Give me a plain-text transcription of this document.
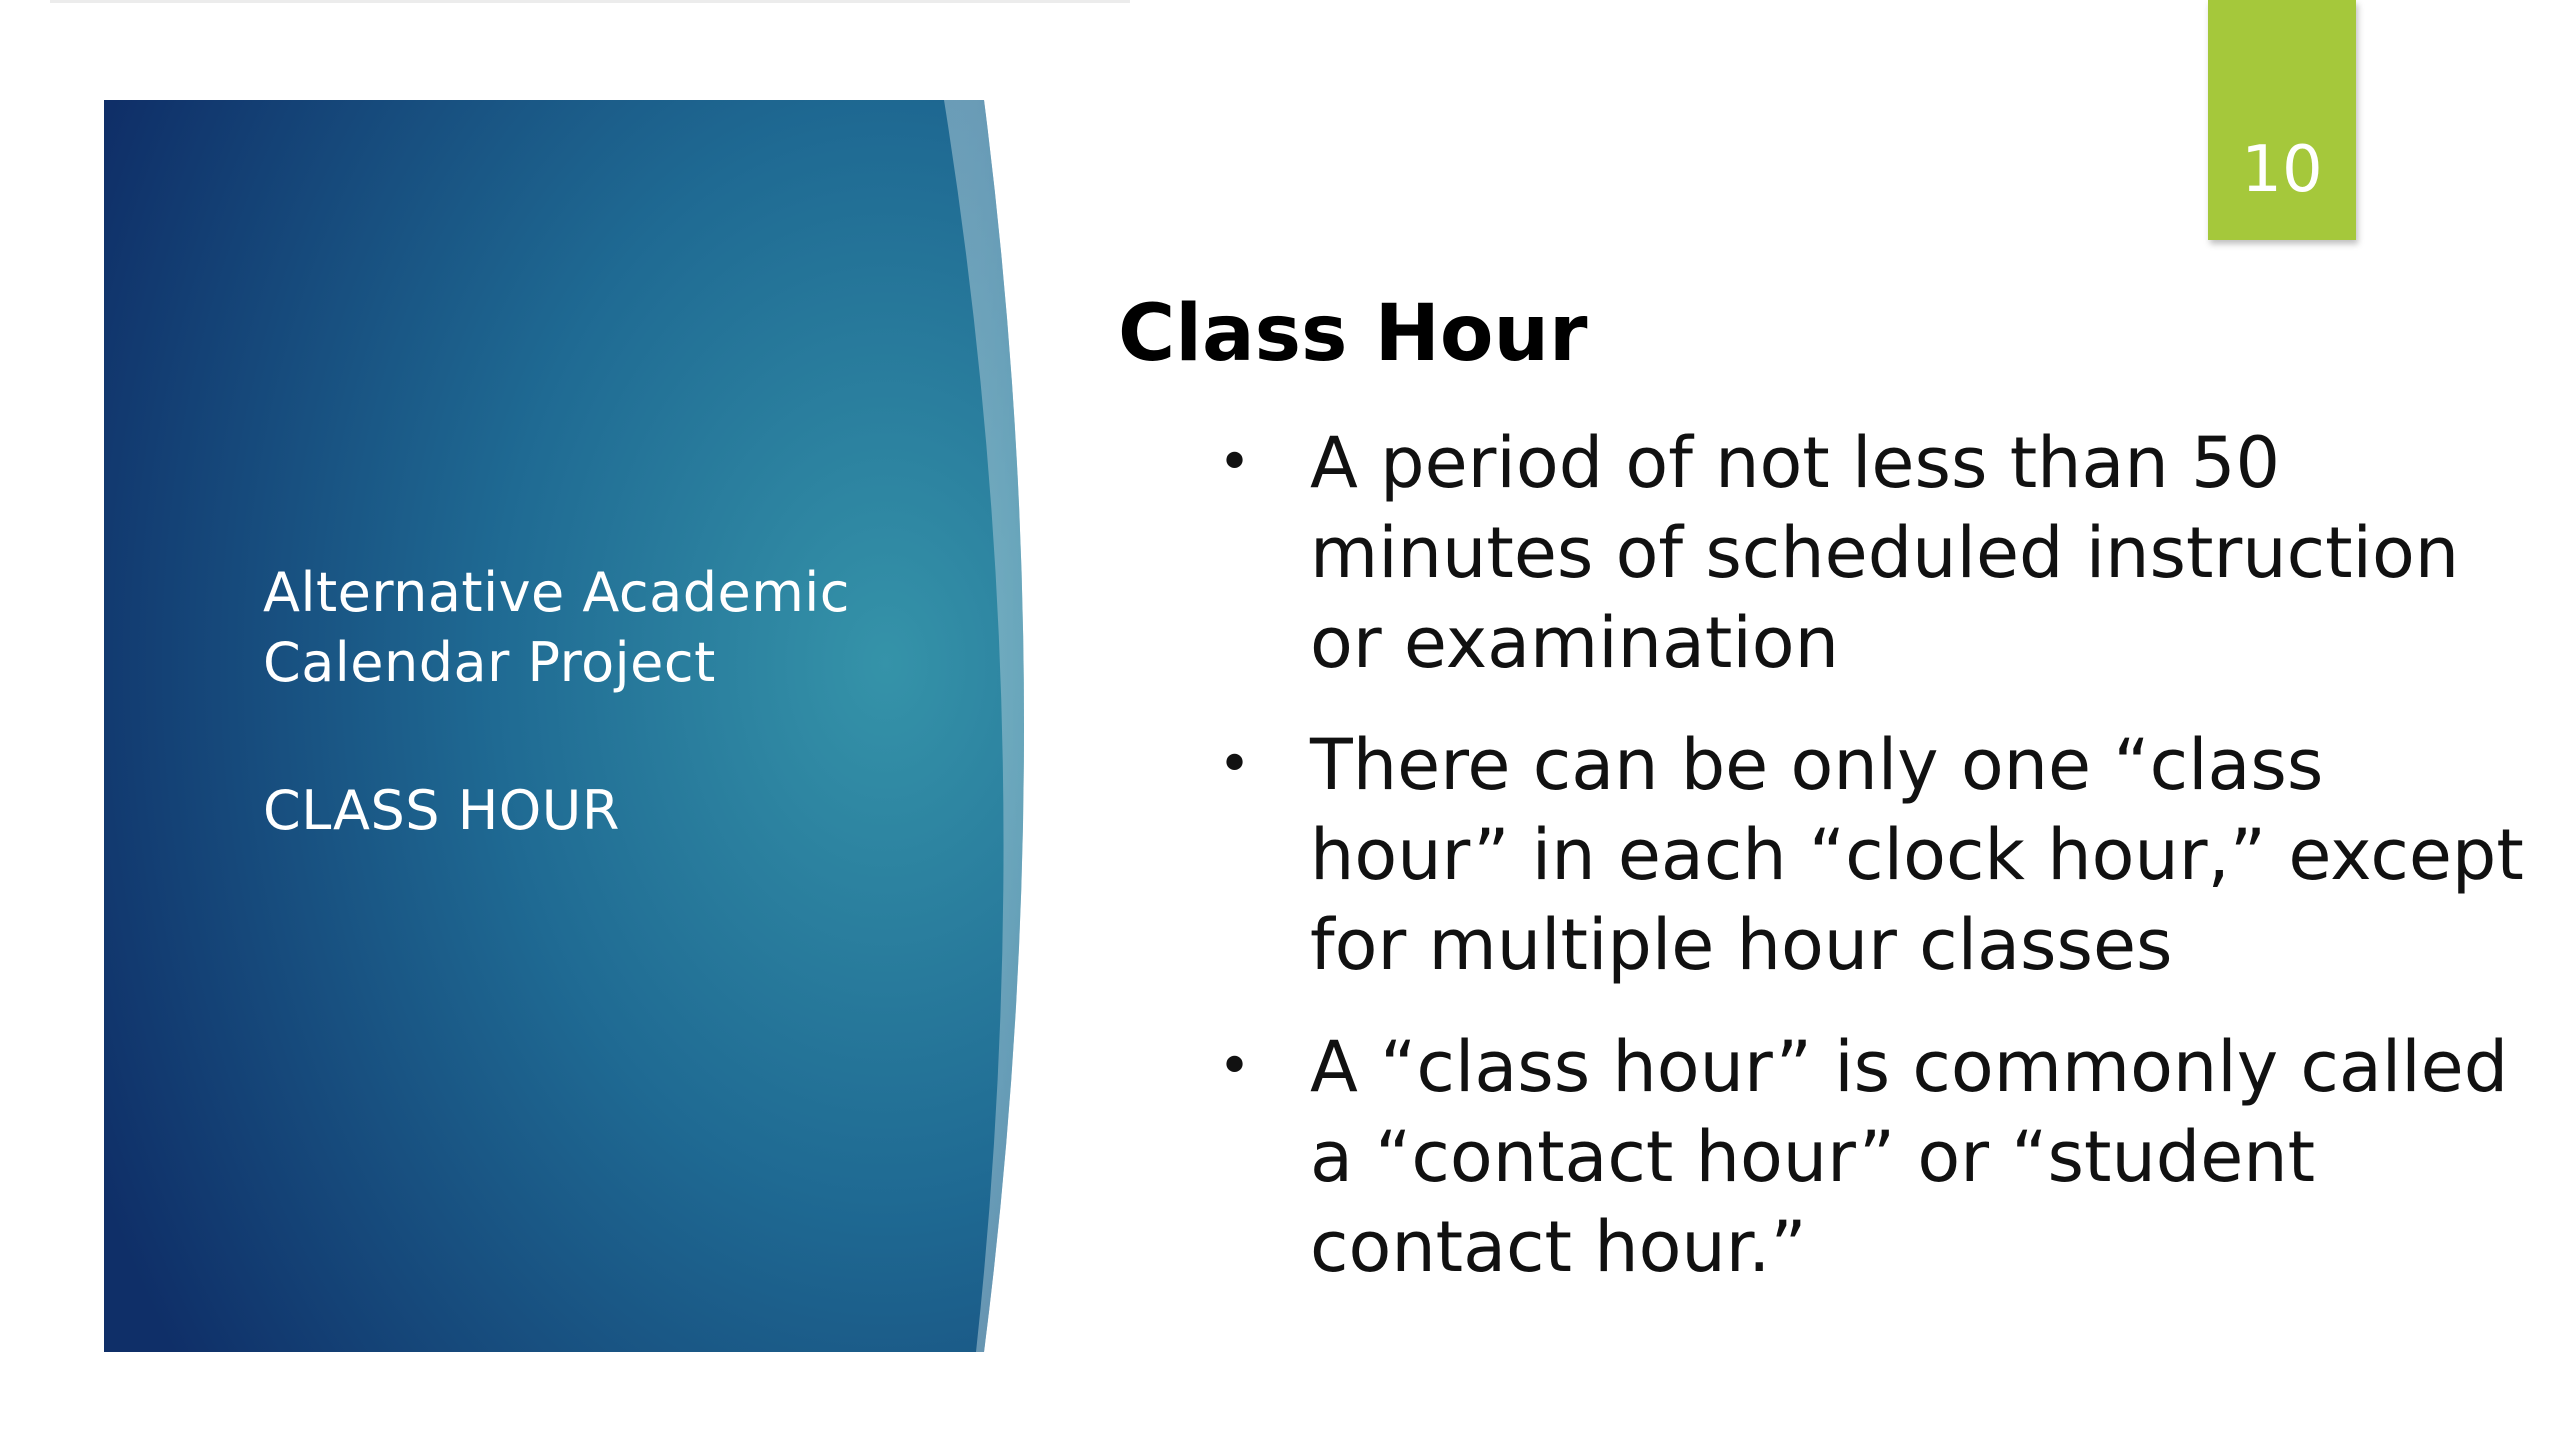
Alternative Academic Calendar Project
CLASS HOUR
10
Class Hour
• A period of not less than 50 minutes of scheduled instruction or examination
• There can be only one “class hour” in each “clock hour,” except for multiple hour classes
• A “class hour” is commonly called a “contact hour” or “student contact hour.”
